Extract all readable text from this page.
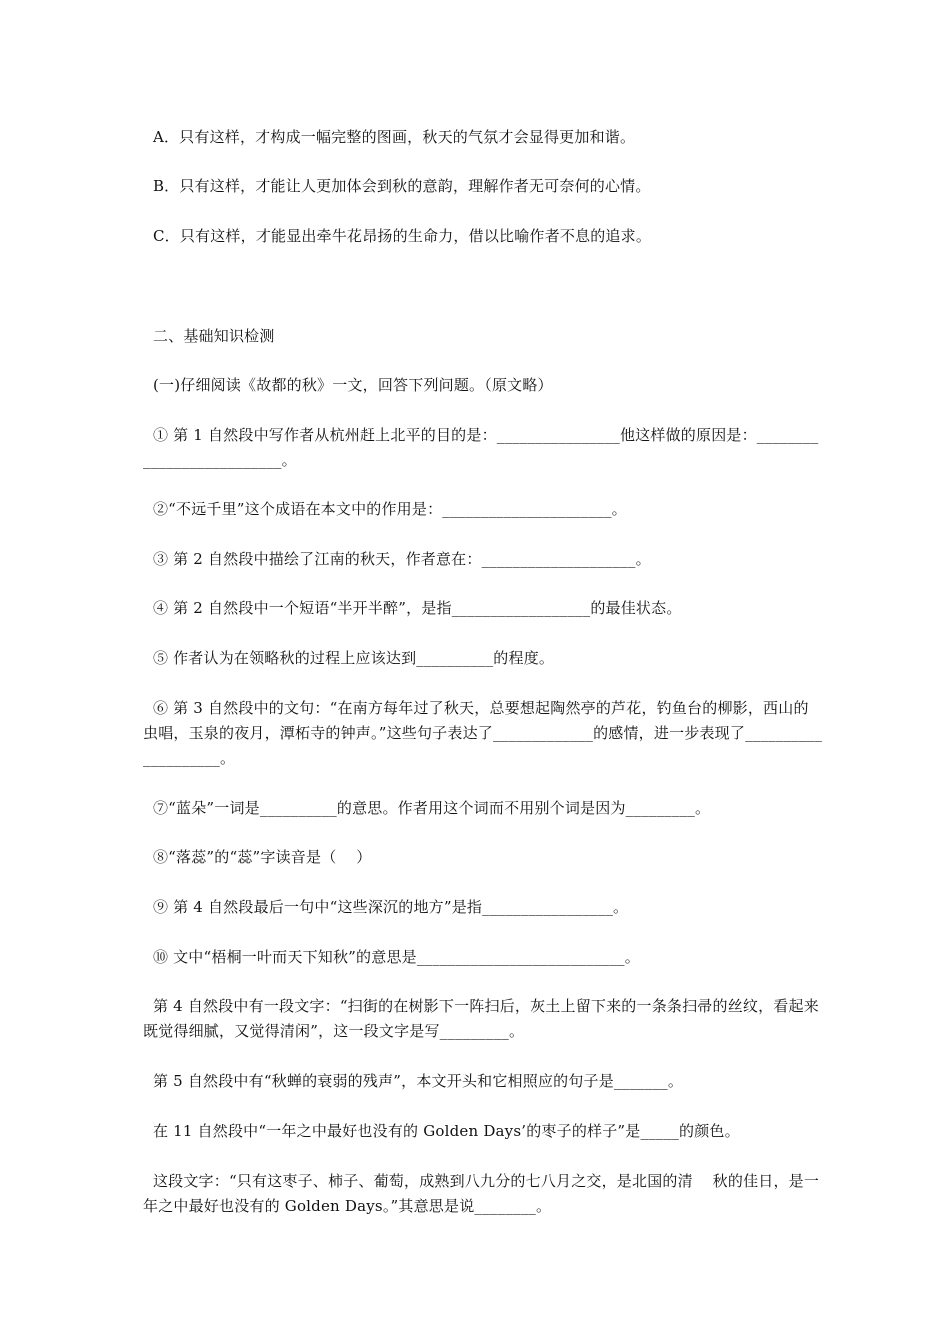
A．只有这样，才构成一幅完整的图画，秋天的气氛才会显得更加和谐。
B．只有这样，才能让人更加体会到秋的意韵，理解作者无可奈何的心情。
C．只有这样，才能显出牵牛花昂扬的生命力，借以比喻作者不息的追求。
二、基础知识检测
(一)仔细阅读《故都的秋》一文，回答下列问题。（原文略）
① 第 1 自然段中写作者从杭州赶上北平的目的是：________________他这样做的原因是：__________________________。
②“不远千里”这个成语在本文中的作用是：______________________。
③ 第 2 自然段中描绘了江南的秋天，作者意在：____________________。
④ 第 2 自然段中一个短语“半开半醉”，是指__________________的最佳状态。
⑤ 作者认为在领略秋的过程上应该达到__________的程度。
⑥ 第 3 自然段中的文句：“在南方每年过了秋天，总要想起陶然亭的芦花，钓鱼台的柳影，西山的虫唱，玉泉的夜月，潭柘寺的钟声。”这些句子表达了_____________的感情，进一步表现了____________________。
⑦“蓝朵”一词是__________的意思。作者用这个词而不用别个词是因为_________。
⑧“落蕊”的“蕊”字读音是（    ）
⑨ 第 4 自然段最后一句中“这些深沉的地方”是指_________________。
⑩ 文中“梧桐一叶而天下知秋”的意思是___________________________。
第 4 自然段中有一段文字：“扫街的在树影下一阵扫后，灰土上留下来的一条条扫帚的丝纹，看起来既觉得细腻，又觉得清闲”，这一段文字是写_________。
第 5 自然段中有“秋蝉的衰弱的残声”，本文开头和它相照应的句子是_______。
在 11 自然段中“一年之中最好也没有的 Golden Days’的枣子的样子”是_____的颜色。
这段文字：“只有这枣子、柿子、葡萄，成熟到八九分的七八月之交，是北国的清    秋的佳日，是一年之中最好也没有的 Golden Days。”其意思是说________。
